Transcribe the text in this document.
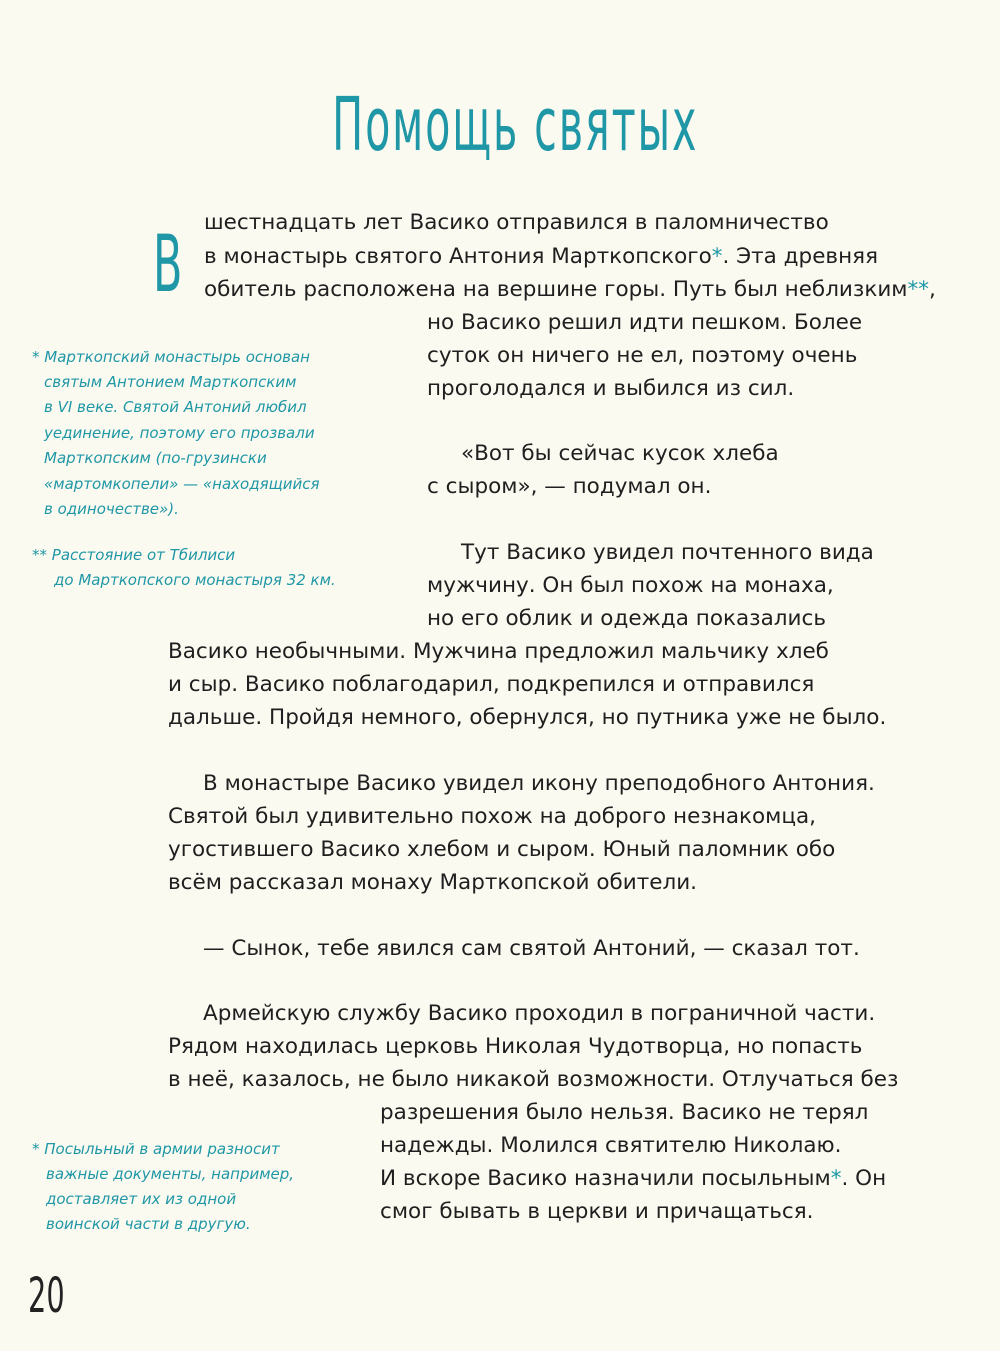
Помощь святых
В шестнадцать лет Васико отправился в паломничество
в монастырь святого Антония Марткопского*. Эта древняя
обитель расположена на вершине горы. Путь был неблизким**,
но Васико решил идти пешком. Более
суток он ничего не ел, поэтому очень
проголодался и выбился из сил.
«Вот бы сейчас кусок хлеба
с сыром», — подумал он.
Тут Васико увидел почтенного вида
мужчину. Он был похож на монаха,
но его облик и одежда показались
Васико необычными. Мужчина предложил мальчику хлеб
и сыр. Васико поблагодарил, подкрепился и отправился
дальше. Пройдя немного, обернулся, но путника уже не было.
В монастыре Васико увидел икону преподобного Антония.
Святой был удивительно похож на доброго незнакомца,
угостившего Васико хлебом и сыром. Юный паломник обо
всём рассказал монаху Марткопской обители.
— Сынок, тебе явился сам святой Антоний, — сказал тот.
Армейскую службу Васико проходил в пограничной части.
Рядом находилась церковь Николая Чудотворца, но попасть
в неё, казалось, не было никакой возможности. Отлучаться без
разрешения было нельзя. Васико не терял
надежды. Молился святителю Николаю.
И вскоре Васико назначили посыльным*. Он
смог бывать в церкви и причащаться.
* Марткопский монастырь основан
святым Антонием Марткопским
в VI веке. Святой Антоний любил
уединение, поэтому его прозвали
Марткопским (по-грузински
«мартомкопели» — «находящийся
в одиночестве»).
** Расстояние от Тбилиси
до Марткопского монастыря 32 км.
* Посыльный в армии разносит
важные документы, например,
доставляет их из одной
воинской части в другую.
20
